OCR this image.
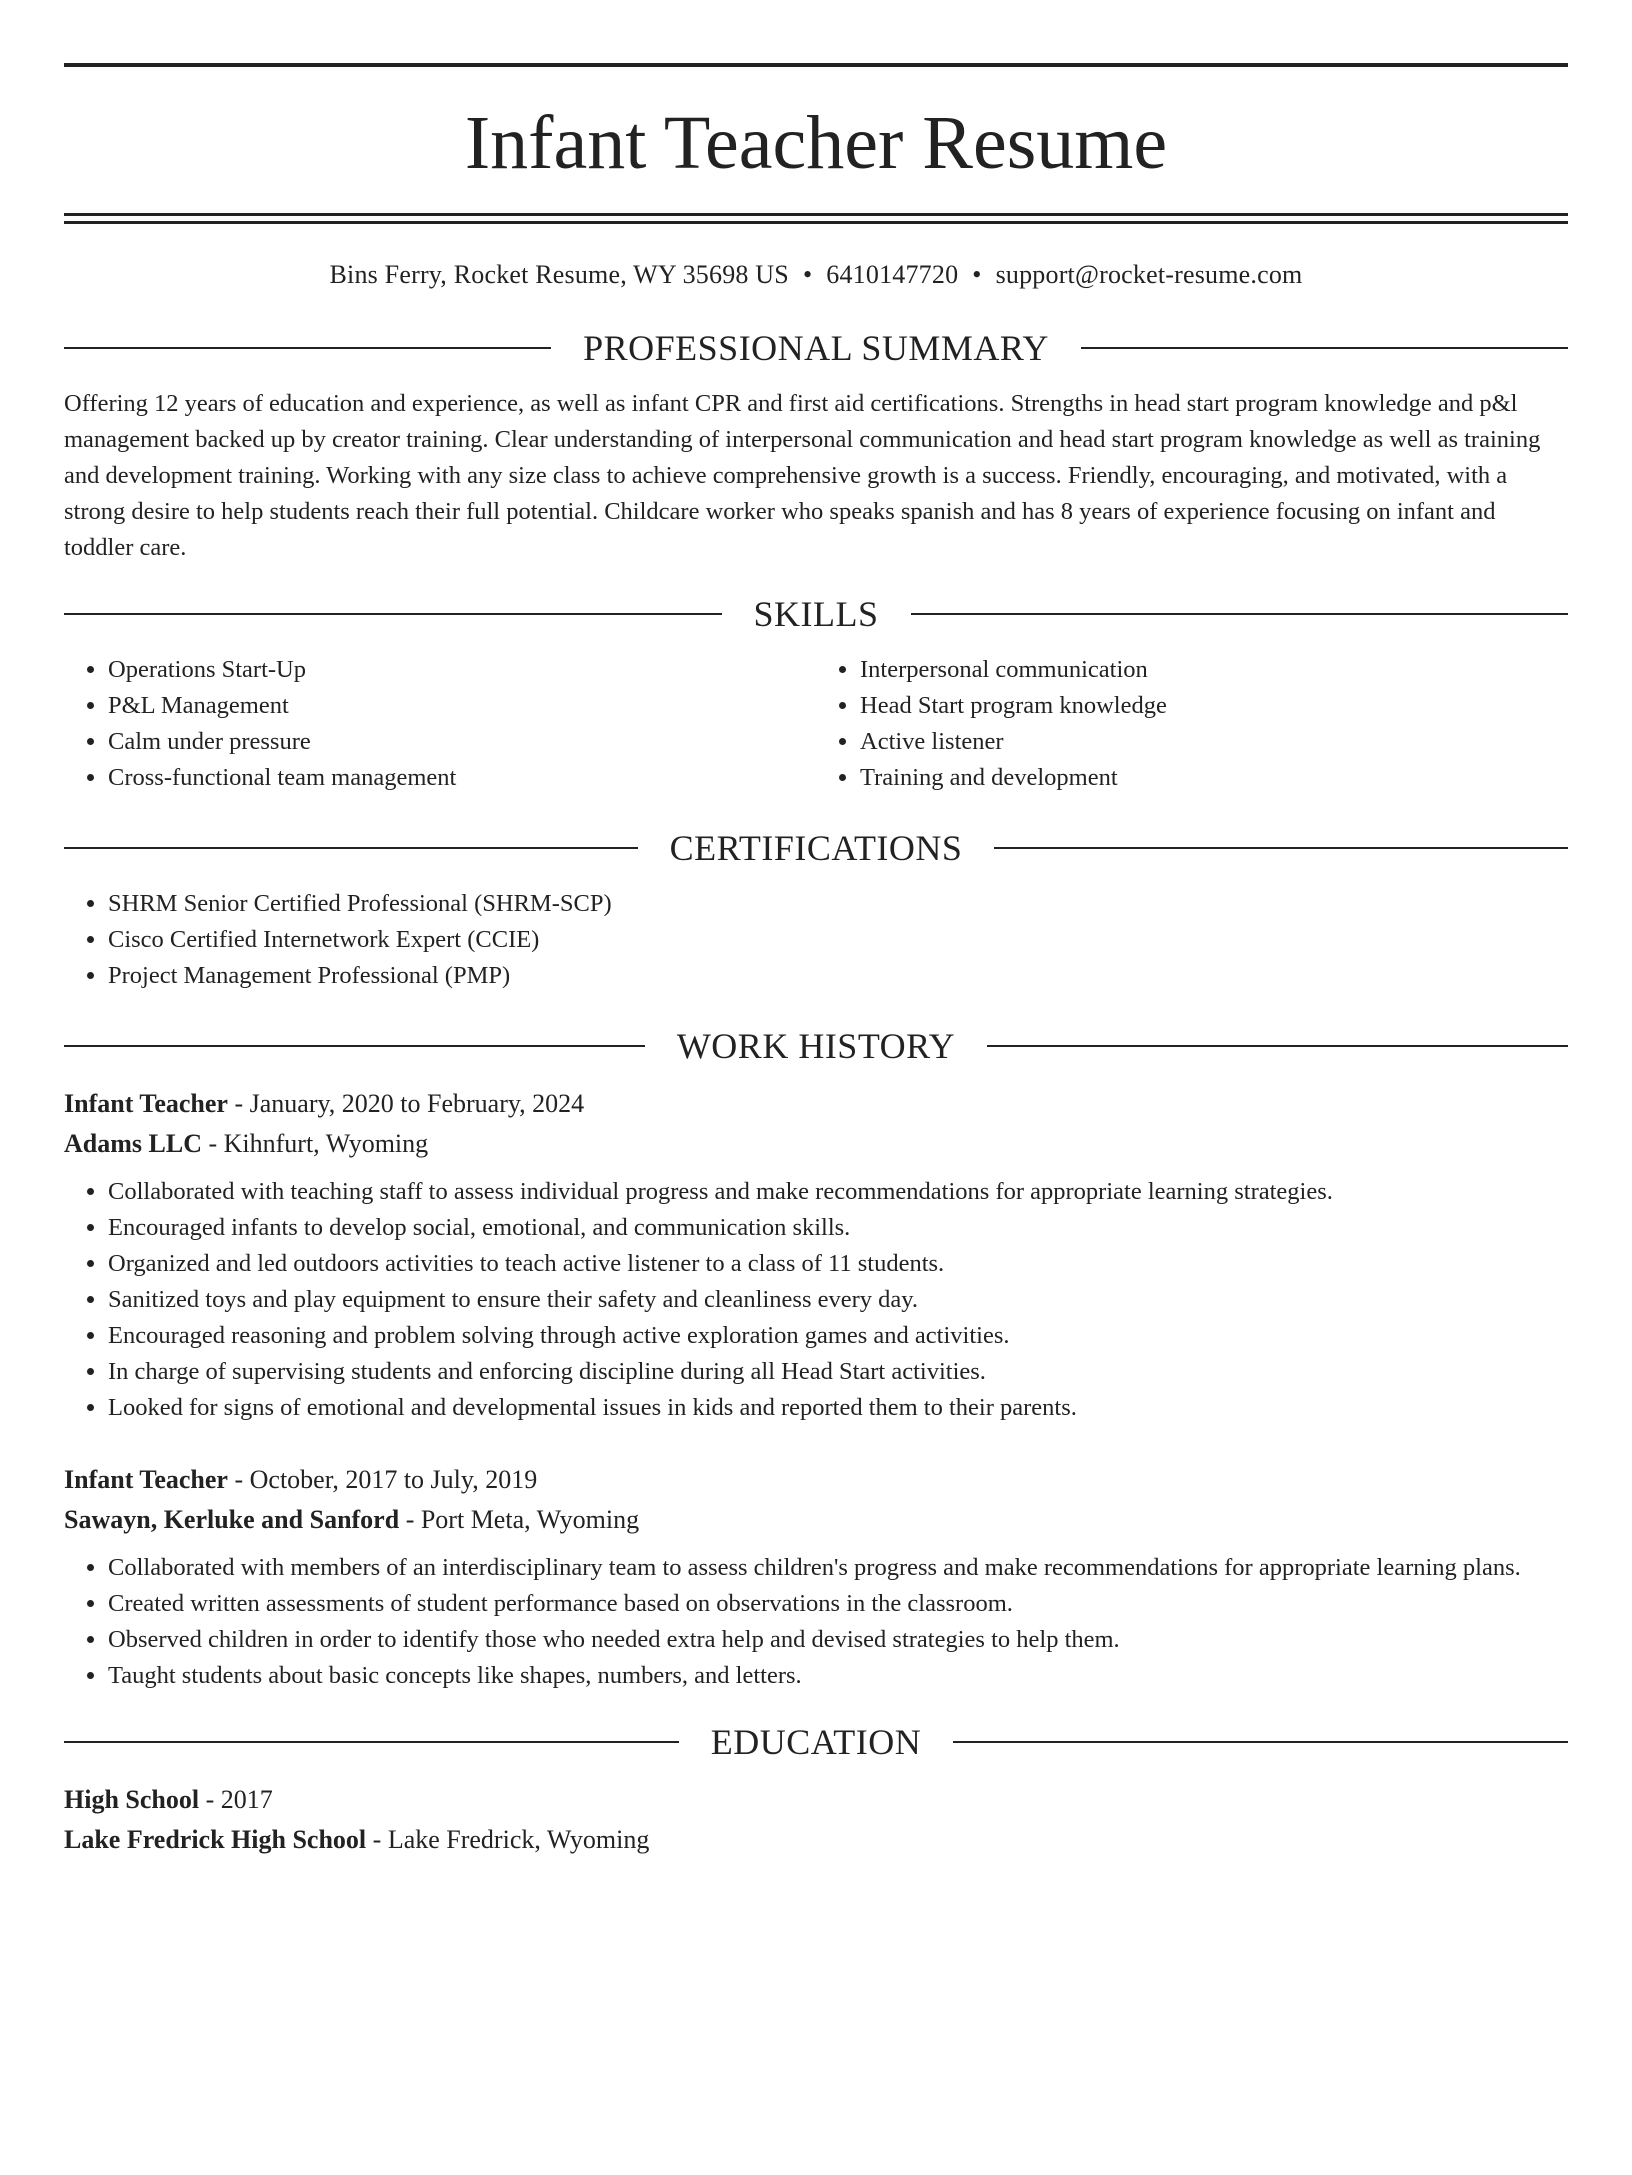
Infant Teacher Resume
Bins Ferry, Rocket Resume, WY 35698 US • 6410147720 • support@rocket-resume.com
PROFESSIONAL SUMMARY

Offering 12 years of education and experience, as well as infant CPR and first aid certifications. Strengths in head start program knowledge and p&l management backed up by creator training. Clear understanding of interpersonal communication and head start program knowledge as well as training and development training. Working with any size class to achieve comprehensive growth is a success. Friendly, encouraging, and motivated, with a strong desire to help students reach their full potential. Childcare worker who speaks spanish and has 8 years of experience focusing on infant and toddler care.

SKILLS
• Operations Start-Up
• P&L Management
• Calm under pressure
• Cross-functional team management
• Interpersonal communication
• Head Start program knowledge
• Active listener
• Training and development
CERTIFICATIONS
• SHRM Senior Certified Professional (SHRM-SCP)
• Cisco Certified Internetwork Expert (CCIE)
• Project Management Professional (PMP)
WORK HISTORY
Infant Teacher - January, 2020 to February, 2024
Adams LLC - Kihnfurt, Wyoming
• Collaborated with teaching staff to assess individual progress and make recommendations for appropriate learning strategies.
• Encouraged infants to develop social, emotional, and communication skills.
• Organized and led outdoors activities to teach active listener to a class of 11 students.
• Sanitized toys and play equipment to ensure their safety and cleanliness every day.
• Encouraged reasoning and problem solving through active exploration games and activities.
• In charge of supervising students and enforcing discipline during all Head Start activities.
• Looked for signs of emotional and developmental issues in kids and reported them to their parents.
Infant Teacher - October, 2017 to July, 2019
Sawayn, Kerluke and Sanford - Port Meta, Wyoming
• Collaborated with members of an interdisciplinary team to assess children's progress and make recommendations for appropriate learning plans.
• Created written assessments of student performance based on observations in the classroom.
• Observed children in order to identify those who needed extra help and devised strategies to help them.
• Taught students about basic concepts like shapes, numbers, and letters.
EDUCATION
High School - 2017
Lake Fredrick High School - Lake Fredrick, Wyoming
